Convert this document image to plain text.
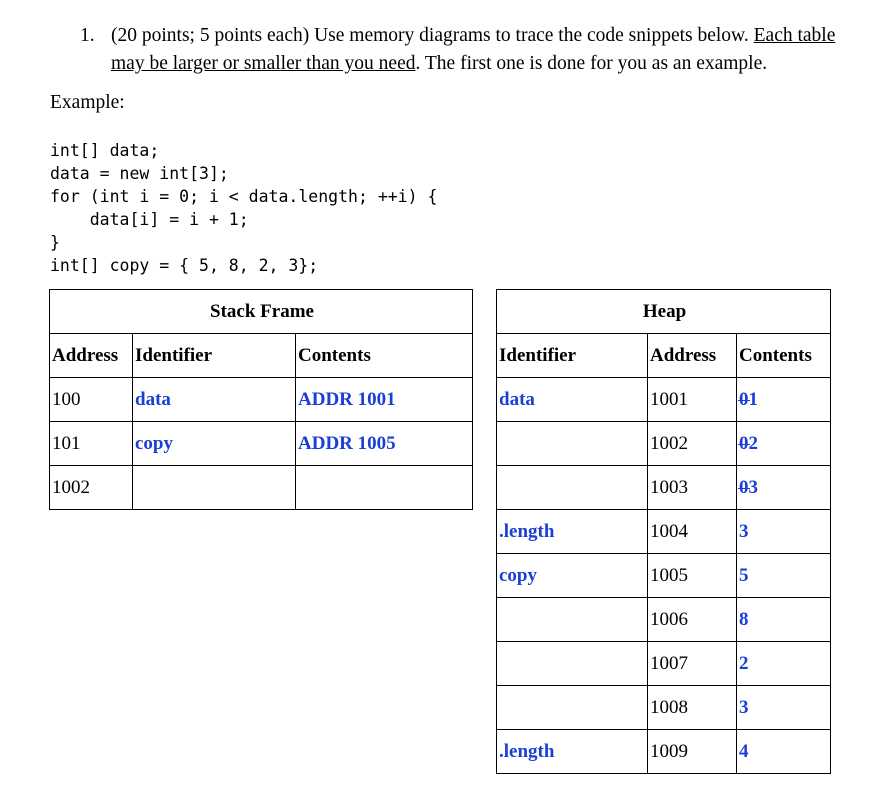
1. (20 points; 5 points each) Use memory diagrams to trace the code snippets below. Each table may be larger or smaller than you need. The first one is done for you as an example.
Example:
int[] data;
data = new int[3];
for (int i = 0; i < data.length; ++i) {
data[i] = i + 1;
}
int[] copy = { 5, 8, 2, 3};
Stack Frame		
Address	Identifier	Contents
100	data	ADDR 1001
101	copy	ADDR 1005
1002		
Heap		
Identifier	Address	Contents
data	1001	01
	1002	02
	1003	03
.length	1004	3
copy	1005	5
	1006	8
	1007	2
	1008	3
.length	1009	4
